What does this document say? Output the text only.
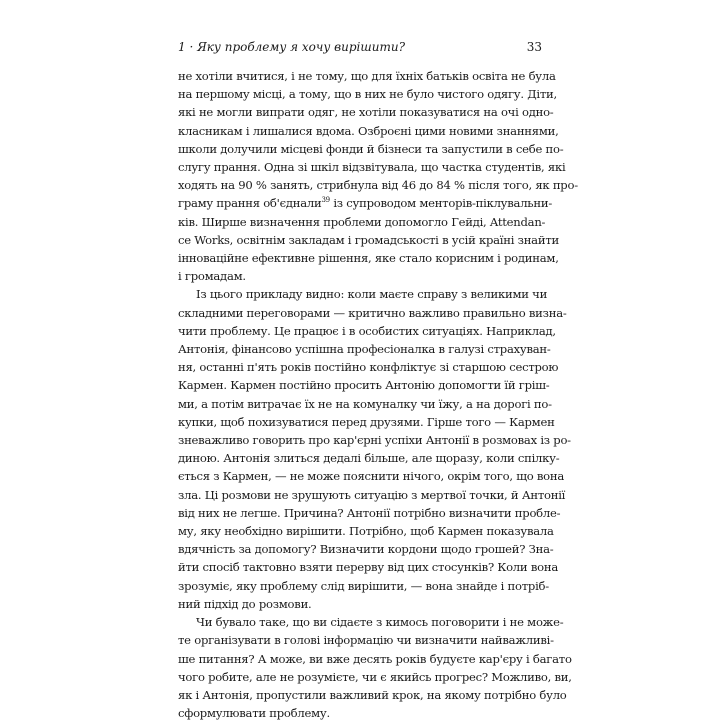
1 · Яку проблему я хочу вирішити?	33
не хотіли вчитися, і не тому, що для їхніх батьків освіта не була
на першому місці, а тому, що в них не було чистого одягу. Діти,
які не могли випрати одяг, не хотіли показуватися на очі одно-
класникам і лишалися вдома. Озброєні цими новими знаннями,
школи долучили місцеві фонди й бізнеси та запустили в себе по-
слугу прання. Одна зі шкіл відзвітувала, що частка студентів, які
ходять на 90 % занять, стрибнула від 46 до 84 % після того, як про-
граму прання об'єднали$^{39}$ із супроводом менторів-піклувальни-
ків. Ширше визначення проблеми допомогло Гейді, Attendan-
ce Works, освітнім закладам і громадськості в усій країні знайти
інноваційне ефективне рішення, яке стало корисним і родинам,
і громадам.
Із цього прикладу видно: коли маєте справу з великими чи
складними переговорами — критично важливо правильно визна-
чити проблему. Це працює і в особистих ситуаціях. Наприклад,
Антонія, фінансово успішна професіоналка в галузі страхуван-
ня, останні п'ять років постійно конфліктує зі старшою сестрою
Кармен. Кармен постійно просить Антонію допомогти їй гріш-
ми, а потім витрачає їх не на комуналку чи їжу, а на дорогі по-
купки, щоб похизуватися перед друзями. Гірше того — Кармен
зневажливо говорить про кар'єрні успіхи Антонії в розмовах із ро-
диною. Антонія злиться дедалі більше, але щоразу, коли спілку-
ється з Кармен, — не може пояснити нічого, окрім того, що вона
зла. Ці розмови не зрушують ситуацію з мертвої точки, й Антонії
від них не легше. Причина? Антонії потрібно визначити пробле-
му, яку необхідно вирішити. Потрібно, щоб Кармен показувала
вдячність за допомогу? Визначити кордони щодо грошей? Зна-
йти спосіб тактовно взяти перерву від цих стосунків? Коли вона
зрозуміє, яку проблему слід вирішити, — вона знайде і потріб-
ний підхід до розмови.
Чи бувало таке, що ви сідаєте з кимось поговорити і не може-
те організувати в голові інформацію чи визначити найважливі-
ше питання? А може, ви вже десять років будуєте кар'єру і багато
чого робите, але не розумієте, чи є якийсь прогрес? Можливо, ви,
як і Антонія, пропустили важливий крок, на якому потрібно було
сформулювати проблему.
